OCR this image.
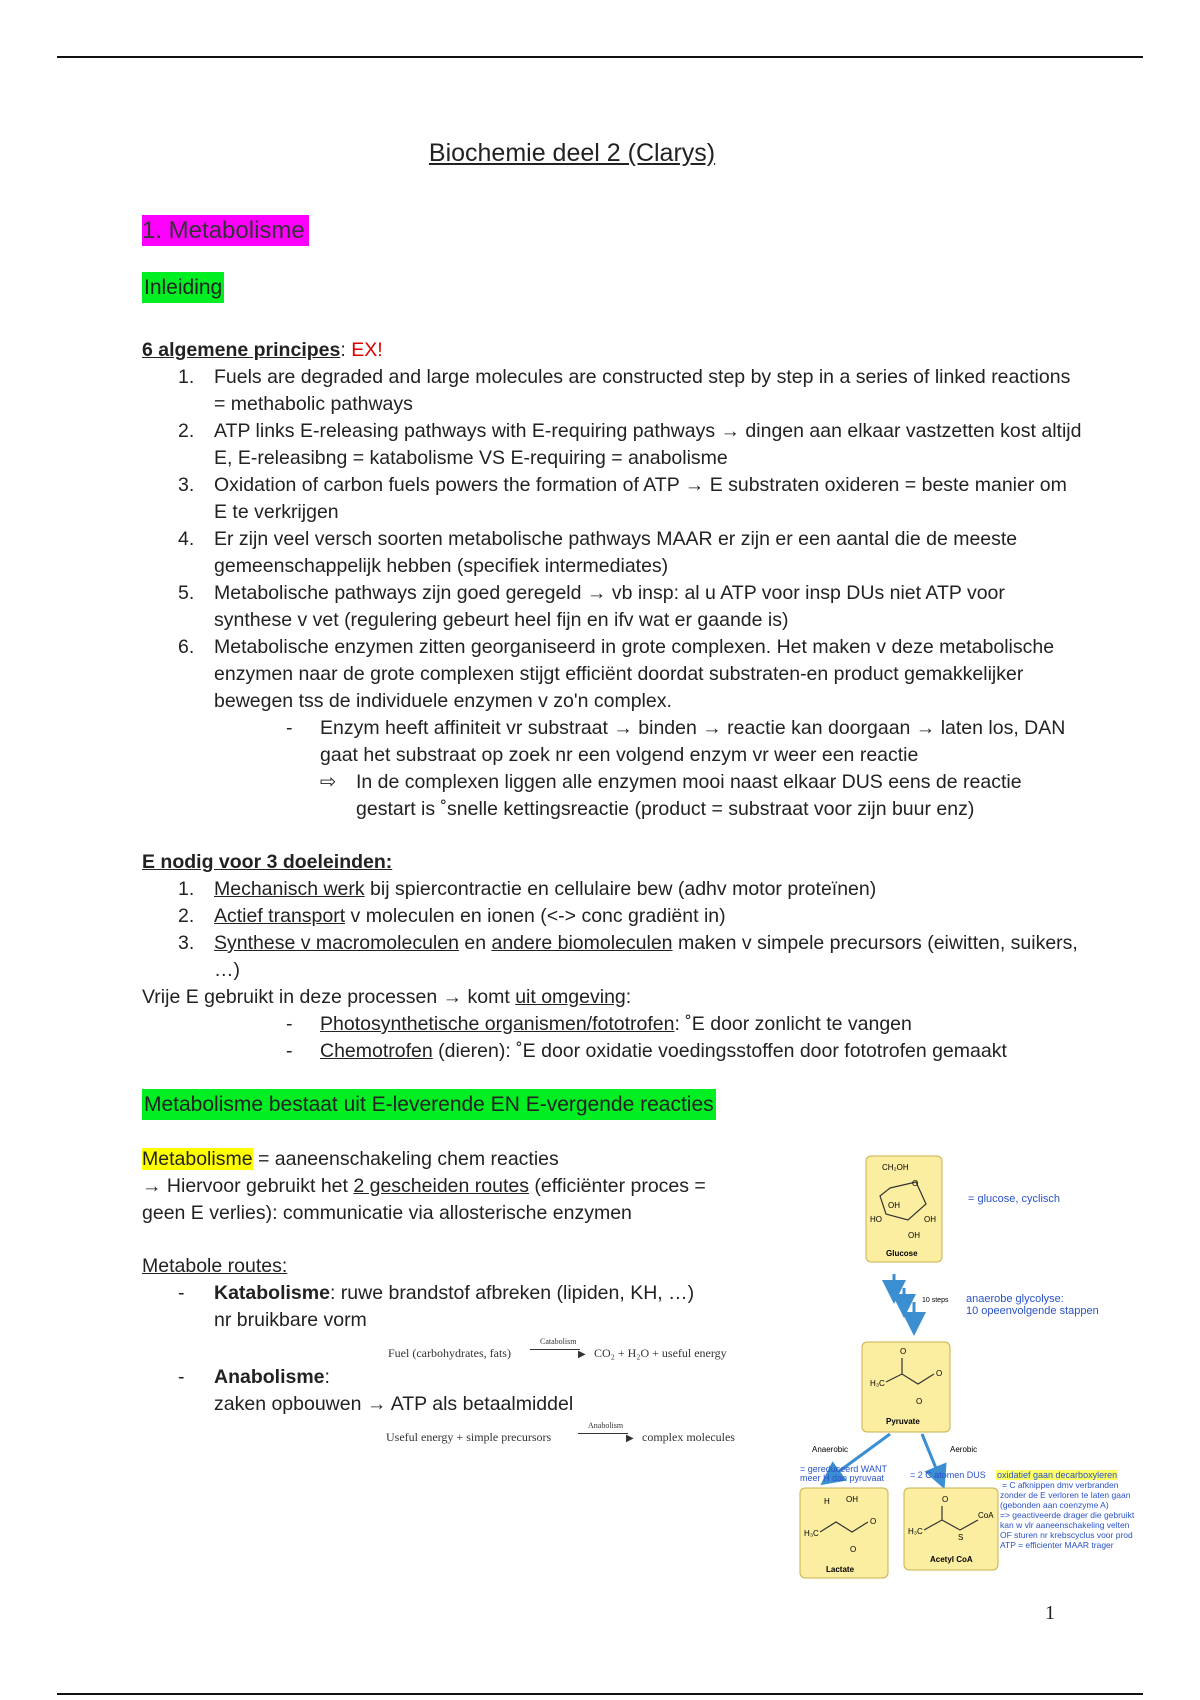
Biochemie deel 2 (Clarys)
1. Metabolisme
Inleiding
6 algemene principes: EX!
1. Fuels are degraded and large molecules are constructed step by step in a series of linked reactions = methabolic pathways
2. ATP links E-releasing pathways with E-requiring pathways → dingen aan elkaar vastzetten kost altijd E, E-releasibng = katabolisme VS E-requiring = anabolisme
3. Oxidation of carbon fuels powers the formation of ATP → E substraten oxideren = beste manier om E te verkrijgen
4. Er zijn veel versch soorten metabolische pathways MAAR er zijn er een aantal die de meeste gemeenschappelijk hebben (specifiek intermediates)
5. Metabolische pathways zijn goed geregeld → vb insp: al u ATP voor insp DUs niet ATP voor synthese v vet (regulering gebeurt heel fijn en ifv wat er gaande is)
6. Metabolische enzymen zitten georganiseerd in grote complexen. Het maken v deze metabolische enzymen naar de grote complexen stijgt efficiënt doordat substraten-en product gemakkelijker bewegen tss de individuele enzymen v zo'n complex.
- Enzym heeft affiniteit vr substraat → binden → reactie kan doorgaan → laten los, DAN gaat het substraat op zoek nr een volgend enzym vr weer een reactie
⇨ In de complexen liggen alle enzymen mooi naast elkaar DUS eens de reactie gestart is ˚snelle kettingsreactie (product = substraat voor zijn buur enz)
E nodig voor 3 doeleinden:
1. Mechanisch werk bij spiercontractie en cellulaire bew (adhv motor proteïnen)
2. Actief transport v moleculen en ionen (<-> conc gradiënt in)
3. Synthese v macromoleculen en andere biomoleculen maken v simpele precursors (eiwitten, suikers, …)
Vrije E gebruikt in deze processen → komt uit omgeving:
- Photosynthetische organismen/fototrofen: ˚E door zonlicht te vangen
- Chemotrofen (dieren): ˚E door oxidatie voedingsstoffen door fototrofen gemaakt
Metabolisme bestaat uit E-leverende EN E-vergende reacties
Metabolisme = aaneenschakeling chem reacties
→ Hiervoor gebruikt het 2 gescheiden routes (efficiënter proces = geen E verlies): communicatie via allosterische enzymen
Metabole routes:
- Katabolisme: ruwe brandstof afbreken (lipiden, KH, …) nr bruikbare vorm
Fuel (carbohydrates, fats)
Catabolism
▶ CO₂ + H₂O + useful energy
- Anabolisme:
zaken opbouwen → ATP als betaalmiddel
Useful energy + simple precursors
Anabolism
▶ complex molecules
CH₂OH
O
OH
HO	OH
OH
Glucose
= glucose, cyclisch
10 steps anaerobe glycolyse:
10 opeenvolgende stappen
O
H₃C
O
O
Pyruvate
Anaerobic	Aerobic
= gereduceerd WANT
meer H dan pyruvaat	= 2 C atomen DUS oxidatief gaan decarboxyleren
= C afknippen dmv verbranden
zonder de E verloren te laten gaan
(gebonden aan coenzyme A)
=> geactiveerde drager die gebruikt
kan w vlr aaneenschakeling velten
OF sturen nr krebscyclus voor prod
ATP = efficienter MAAR trager
H OH
H₃C
O
O
Lactate
O
H₃C
S
CoA
Acetyl CoA
1
